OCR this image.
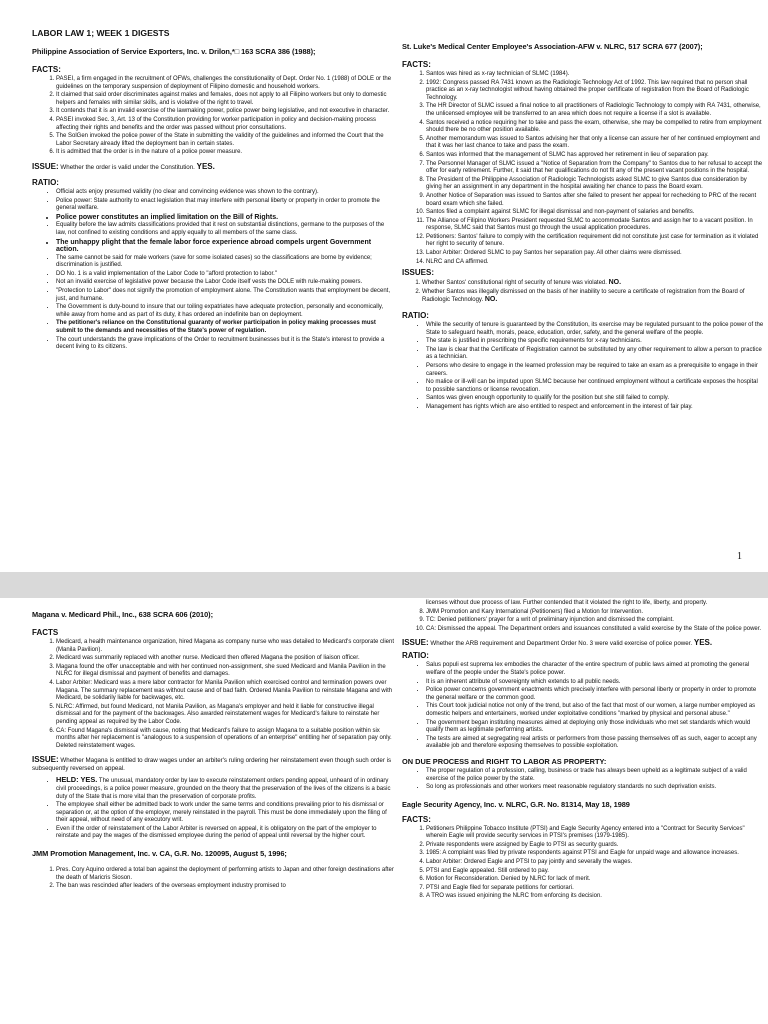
LABOR LAW 1; WEEK 1 DIGESTS
Philippine Association of Service Exporters, Inc. v. Drilon,*□ 163 SCRA 386 (1988);
FACTS:
1. PASEI, a firm engaged in the recruitment of OFWs, challenges the constitutionality of Dept. Order No. 1 (1988) of DOLE or the guidelines on the temporary suspension of deployment of Filipino domestic and household workers.
2. It claimed that said order discriminates against males and females, does not apply to all Filipino workers but only to domestic helpers and females with similar skills, and is violative of the right to travel.
3. It contends that it is an invalid exercise of the lawmaking power, police power being legislative, and not executive in character.
4. PASEI invoked Sec. 3, Art. 13 of the Constitution providing for worker participation in policy and decision-making process affecting their rights and benefits and the order was passed without prior consultations.
5. The SolGen invoked the police power of the State in submitting the validity of the guidelines and informed the Court that the Labor Secretary already lifted the deployment ban in certain states.
6. It is admitted that the order is in the nature of a police power measure.
ISSUE: Whether the order is valid under the Constitution. YES.
RATIO:
• Official acts enjoy presumed validity (no clear and convincing evidence was shown to the contrary).
• Police power: State authority to enact legislation that may interfere with personal liberty or property in order to promote the general welfare.
• Police power constitutes an implied limitation on the Bill of Rights.
• Equality before the law admits classifications provided that it rest on substantial distinctions, germane to the purposes of the law, not confined to existing conditions and apply equally to all members of the same class.
• The unhappy plight that the female labor force experience abroad compels urgent Government action.
• The same cannot be said for male workers (save for some isolated cases) so the classifications are borne by evidence; discrimination is justified.
• DO No. 1 is a valid implementation of the Labor Code to "afford protection to labor."
• Not an invalid exercise of legislative power because the Labor Code itself vests the DOLE with rule-making powers.
• "Protection to Labor" does not signify the promotion of employment alone. The Constitution wants that employment be decent, just, and humane.
• The Government is duty-bound to insure that our toiling expatriates have adequate protection, personally and economically, while away from home and as part of its duty, it has ordered an indefinite ban on deployment.
• The petitioner's reliance on the Constitutional guaranty of worker participation in policy making processes must submit to the demands and necessities of the State's power of regulation.
• The court understands the grave implications of the Order to recruitment businesses but it is the State's interest to provide a decent living to its citizens.
St. Luke's Medical Center Employee's Association-AFW v. NLRC, 517 SCRA 677 (2007);
FACTS:
1. Santos was hired as x-ray technician of SLMC (1984).
2. 1992: Congress passed RA 7431 known as the Radiologic Technology Act of 1992. This law required that no person shall practice as an x-ray technologist without having obtained the proper certificate of registration from the Board of Radiologic Technology.
3. The HR Director of SLMC issued a final notice to all practitioners of Radiologic Technology to comply with RA 7431, otherwise, the unlicensed employee will be transferred to an area which does not require a license if a slot is available.
4. Santos received a notice requiring her to take and pass the exam, otherwise, she may be compelled to retire from employment should there be no other position available.
5. Another memorandum was issued to Santos advising her that only a license can assure her of her continued employment and that it was her last chance to take and pass the exam.
6. Santos was informed that the management of SLMC has approved her retirement in lieu of separation pay.
7. The Personnel Manager of SLMC issued a "Notice of Separation from the Company" to Santos due to her refusal to accept the offer for early retirement. Further, it said that her qualifications do not fit any of the present vacant positions in the hospital.
8. The President of the Philippine Association of Radiologic Technologists asked SLMC to give Santos due consideration by giving her an assignment in any department in the hospital awaiting her chance to pass the Board exam.
9. Another Notice of Separation was issued to Santos after she failed to present her appeal for rechecking to PRC of the recent board exam which she failed.
10. Santos filed a complaint against SLMC for illegal dismissal and non-payment of salaries and benefits.
11. The Alliance of Filipino Workers President requested SLMC to accommodate Santos and assign her to a vacant position. In response, SLMC said that Santos must go through the usual application procedures.
12. Petitioners: Santos' failure to comply with the certification requirement did not constitute just case for termination as it violated her right to security of tenure.
13. Labor Arbiter: Ordered SLMC to pay Santos her separation pay. All other claims were dismissed.
14. NLRC and CA affirmed.
ISSUES:
1. Whether Santos' constitutional right of security of tenure was violated. NO.
2. Whether Santos was illegally dismissed on the basis of her inability to secure a certificate of registration from the Board of Radiologic Technology. NO.
RATIO:
• While the security of tenure is guaranteed by the Constitution, its exercise may be regulated pursuant to the police power of the State to safeguard health, morals, peace, education, order, safety, and the general welfare of the people.
• The state is justified in prescribing the specific requirements for x-ray technicians.
• The law is clear that the Certificate of Registration cannot be substituted by any other requirement to allow a person to practice as a technician.
• Persons who desire to engage in the learned profession may be required to take an exam as a prerequisite to engage in their careers.
• No malice or ill-will can be imputed upon SLMC because her continued employment without a certificate exposes the hospital to possible sanctions or license revocation.
• Santos was given enough opportunity to qualify for the position but she still failed to comply.
• Management has rights which are also entitled to respect and enforcement in the interest of fair play.
1
Magana v. Medicard Phil., Inc., 638 SCRA 606 (2010);
FACTS
1. Medicard, a health maintenance organization, hired Magana as company nurse who was detailed to Medicard's corporate client (Manila Pavilion).
2. Medicard was summarily replaced with another nurse. Medicard then offered Magana the position of liaison officer.
3. Magana found the offer unacceptable and with her continued non-assignment, she sued Medicard and Manila Pavilion in the NLRC for illegal dismissal and payment of benefits and damages.
4. Labor Arbiter: Medicard was a mere labor contractor for Manila Pavilion which exercised control and termination powers over Magana. The summary replacement was without cause and of bad faith. Ordered Manila Pavilion to reinstate Magana and with Medicard, be solidarily liable for backwages, etc.
5. NLRC: Affirmed, but found Medicard, not Manila Pavilion, as Magana's employer and held it liable for constructive illegal dismissal and for the payment of the backwages. Also awarded reinstatement wages for Medicard's failure to reinstate her pending appeal as required by the Labor Code.
6. CA: Found Magana's dismissal with cause, noting that Medicard's failure to assign Magana to a suitable position within six months after her replacement is "analogous to a suspension of operations of an enterprise" entitling her of separation pay only. Deleted reinstatement wages.
ISSUE: Whether Magana is entitled to draw wages under an arbiter's ruling ordering her reinstatement even though such order is subsequently reversed on appeal.
• HELD: YES. The unusual, mandatory order by law to execute reinstatement orders pending appeal, unheard of in ordinary civil proceedings, is a police power measure, grounded on the theory that the preservation of the lives of the citizens is a basic duty of the State that is more vital than the preservation of corporate profits.
• The employee shall either be admitted back to work under the same terms and conditions prevailing prior to his dismissal or separation or, at the option of the employer, merely reinstated in the payroll. This must be done immediately upon the filing of their appeal, without need of any executory writ.
• Even if the order of reinstatement of the Labor Arbiter is reversed on appeal, it is obligatory on the part of the employer to reinstate and pay the wages of the dismissed employee during the period of appeal until reversal by the higher court.
JMM Promotion Management, Inc. v. CA, G.R. No. 120095, August 5, 1996;
1. Pres. Cory Aquino ordered a total ban against the deployment of performing artists to Japan and other foreign destinations after the death of Maricris Sioson.
2. The ban was rescinded after leaders of the overseas employment industry promised to
licenses without due process of law. Further contended that it violated the right to life, liberty, and property.
8. JMM Promotion and Kary International (Petitioners) filed a Motion for Intervention.
9. TC: Denied petitioners' prayer for a writ of preliminary injunction and dismissed the complaint.
10. CA: Dismissed the appeal. The Department orders and issuances constituted a valid exercise by the State of the police power.
ISSUE: Whether the ARB requirement and Department Order No. 3 were valid exercise of police power. YES.
RATIO:
• Salus populi est suprema lex embodies the character of the entire spectrum of public laws aimed at promoting the general welfare of the people under the State's police power.
• It is an inherent attribute of sovereignty which extends to all public needs.
• Police power concerns government enactments which precisely interfere with personal liberty or property in order to promote the general welfare or the common good.
• This Court took judicial notice not only of the trend, but also of the fact that most of our women, a large number employed as domestic helpers and entertainers, worked under exploitative conditions "marked by physical and personal abuse."
• The government began instituting measures aimed at deploying only those individuals who met set standards which would qualify them as legitimate performing artists.
• The tests are aimed at segregating real artists or performers from those passing themselves off as such, eager to accept any available job and therefore exposing themselves to possible exploitation.
ON DUE PROCESS and RIGHT TO LABOR AS PROPERTY:
• The proper regulation of a profession, calling, business or trade has always been upheld as a legitimate subject of a valid exercise of the police power by the state.
• So long as professionals and other workers meet reasonable regulatory standards no such deprivation exists.
Eagle Security Agency, Inc. v. NLRC, G.R. No. 81314, May 18, 1989
FACTS:
1. Petitioners Philippine Tobacco Institute (PTSI) and Eagle Security Agency entered into a "Contract for Security Services" wherein Eagle will provide security services in PTSI's premises (1979-1985).
2. Private respondents were assigned by Eagle to PTSI as security guards.
3. 1985: A complaint was filed by private respondents against PTSI and Eagle for unpaid wage and allowance increases.
4. Labor Arbiter: Ordered Eagle and PTSI to pay jointly and severally the wages.
5. PTSI and Eagle appealed. Still ordered to pay.
6. Motion for Reconsideration. Denied by NLRC for lack of merit.
7. PTSI and Eagle filed for separate petitions for certiorari.
8. A TRO was issued enjoining the NLRC from enforcing its decision.
